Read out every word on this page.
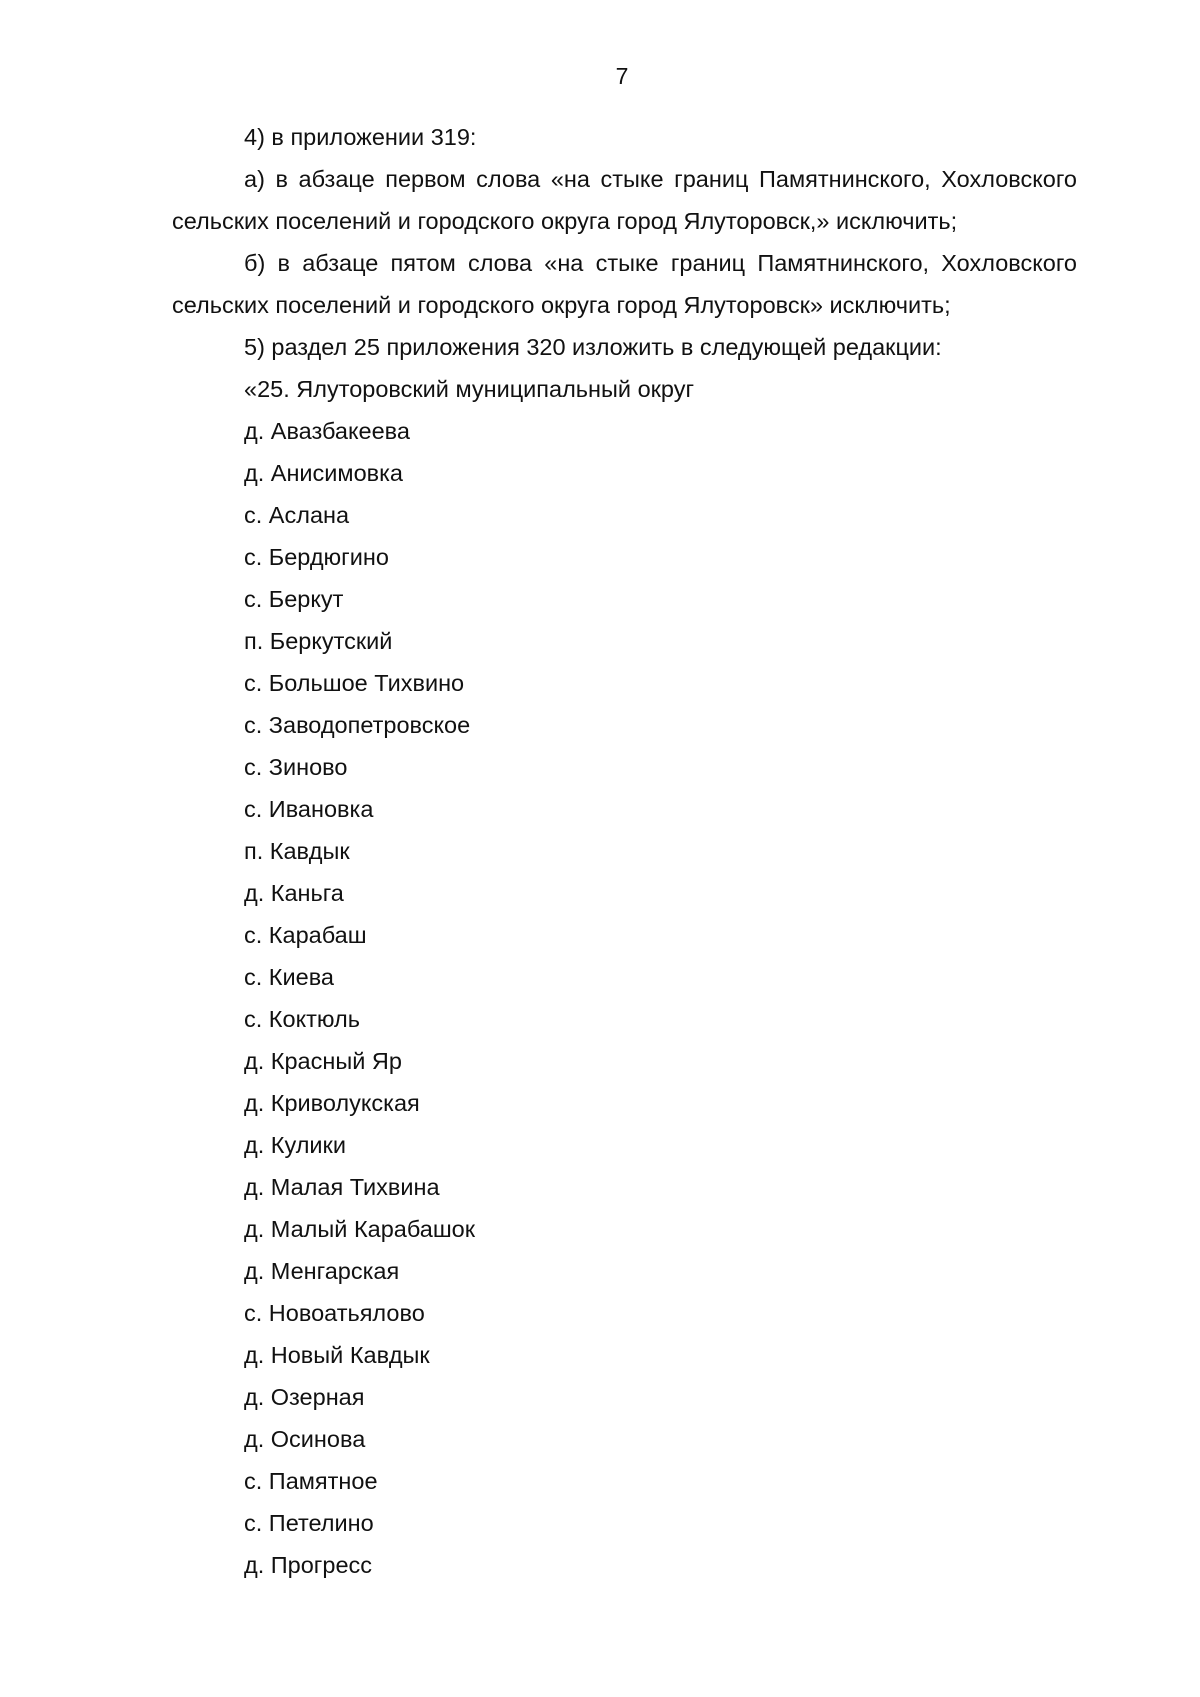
7

4) в приложении 319:

а) в абзаце первом слова «на стыке границ Памятнинского, Хохловского сельских поселений и городского округа город Ялуторовск,» исключить;

б) в абзаце пятом слова «на стыке границ Памятнинского, Хохловского сельских поселений и городского округа город Ялуторовск» исключить;

5) раздел 25 приложения 320 изложить в следующей редакции:

«25. Ялуторовский муниципальный округ

д. Авазбакеева
д. Анисимовка
с. Аслана
с. Бердюгино
с. Беркут
п. Беркутский
с. Большое Тихвино
с. Заводопетровское
с. Зиново
с. Ивановка
п. Кавдык
д. Каньга
с. Карабаш
с. Киева
с. Коктюль
д. Красный Яр
д. Криволукская
д. Кулики
д. Малая Тихвина
д. Малый Карабашок
д. Менгарская
с. Новоатьялово
д. Новый Кавдык
д. Озерная
д. Осинова
с. Памятное
с. Петелино
д. Прогресс
